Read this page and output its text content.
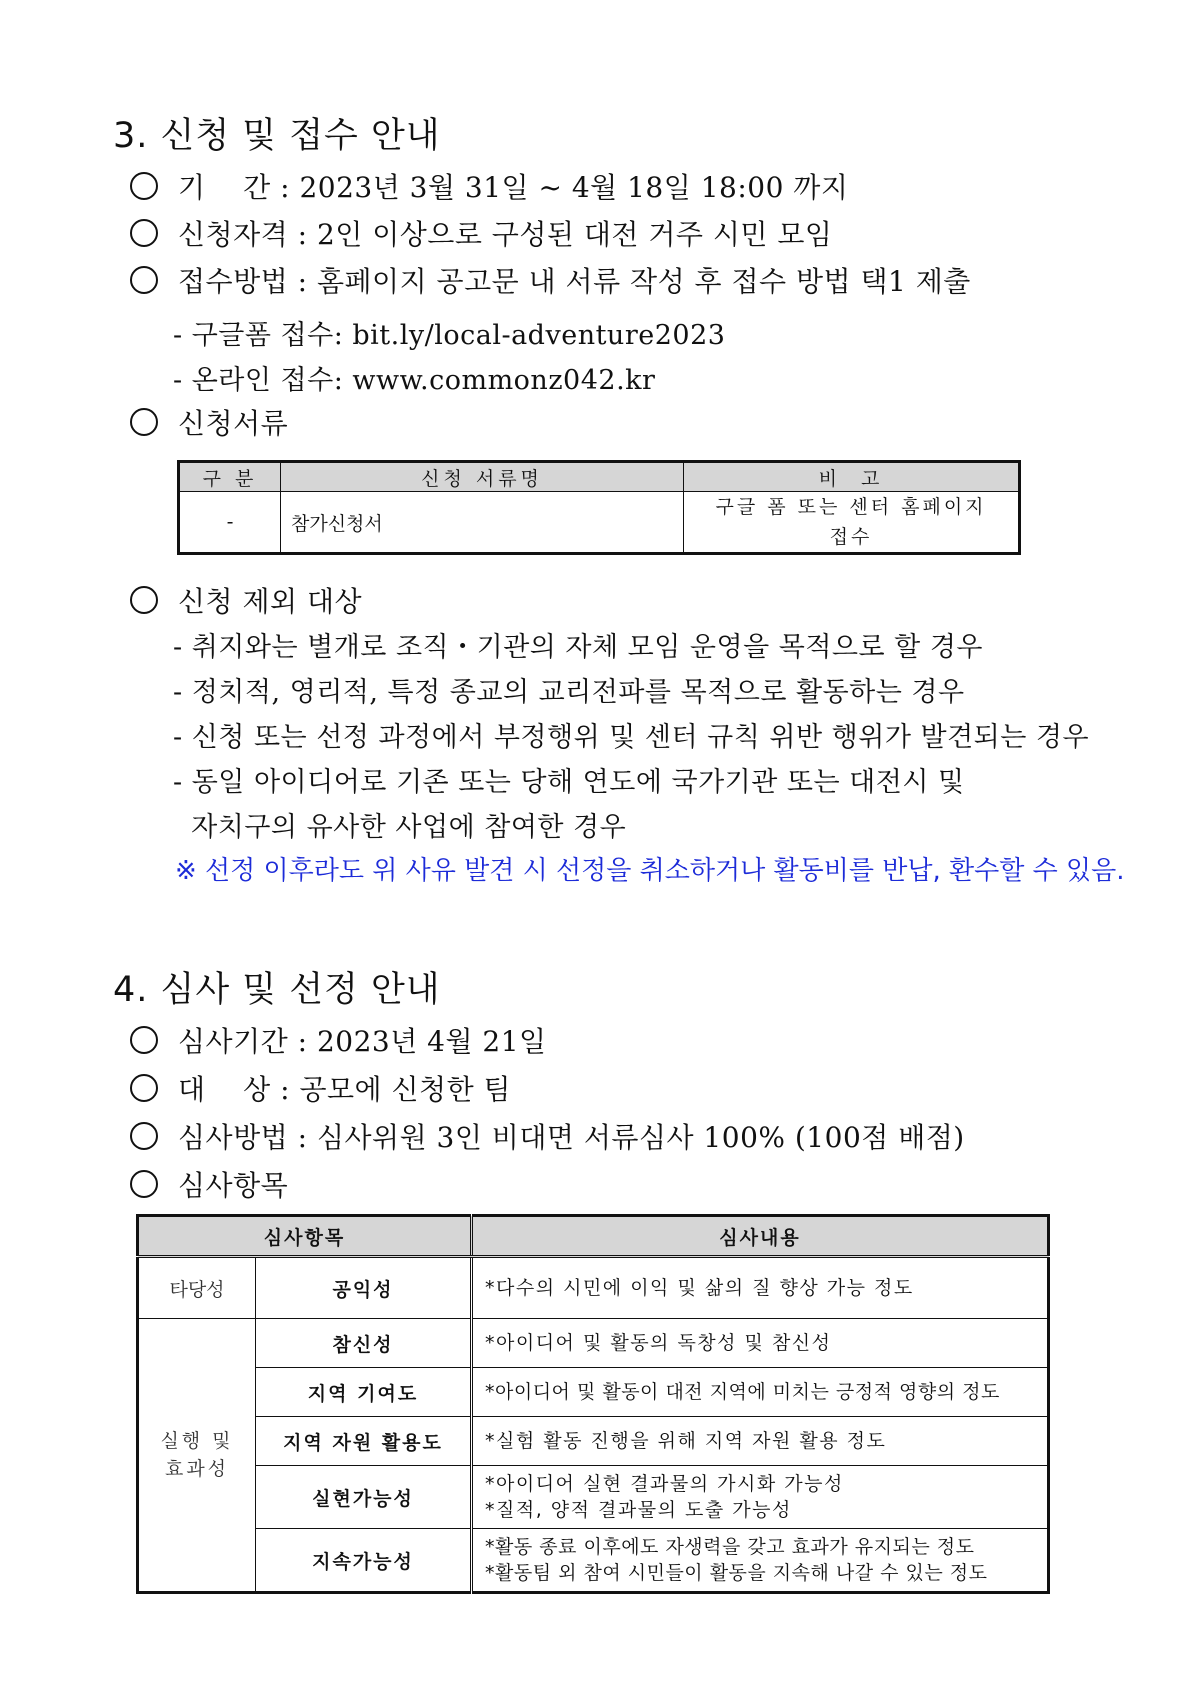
3. 신청 및 접수 안내
기    간 : 2023년 3월 31일 ~ 4월 18일 18:00 까지
신청자격 : 2인 이상으로 구성된 대전 거주 시민 모임
접수방법 : 홈페이지 공고문 내 서류 작성 후 접수 방법 택1 제출
- 구글폼 접수: bit.ly/local-adventure2023
- 온라인 접수: www.commonz042.kr
신청서류
구 분	신청 서류명	비  고
-	참가신청서	구글 폼 또는 센터 홈페이지 접수
신청 제외 대상
- 취지와는 별개로 조직・기관의 자체 모임 운영을 목적으로 할 경우
- 정치적, 영리적, 특정 종교의 교리전파를 목적으로 활동하는 경우
- 신청 또는 선정 과정에서 부정행위 및 센터 규칙 위반 행위가 발견되는 경우
- 동일 아이디어로 기존 또는 당해 연도에 국가기관 또는 대전시 및
자치구의 유사한 사업에 참여한 경우
※ 선정 이후라도 위 사유 발견 시 선정을 취소하거나 활동비를 반납, 환수할 수 있음.
4. 심사 및 선정 안내
심사기간 : 2023년 4월 21일
대    상 : 공모에 신청한 팀
심사방법 : 심사위원 3인 비대면 서류심사 100% (100점 배점)
심사항목
심사항목		심사내용
타당성	공익성	*다수의 시민에 이익 및 삶의 질 향상 가능 정도
실행 및 효과성	참신성	*아이디어 및 활동의 독창성 및 참신성
	지역 기여도	*아이디어 및 활동이 대전 지역에 미치는 긍정적 영향의 정도
	지역 자원 활용도	*실험 활동 진행을 위해 지역 자원 활용 정도
	실현가능성	*아이디어 실현 결과물의 가시화 가능성
*질적, 양적 결과물의 도출 가능성

	지속가능성	*활동 종료 이후에도 자생력을 갖고 효과가 유지되는 정도
*활동팀 외 참여 시민들이 활동을 지속해 나갈 수 있는 정도
